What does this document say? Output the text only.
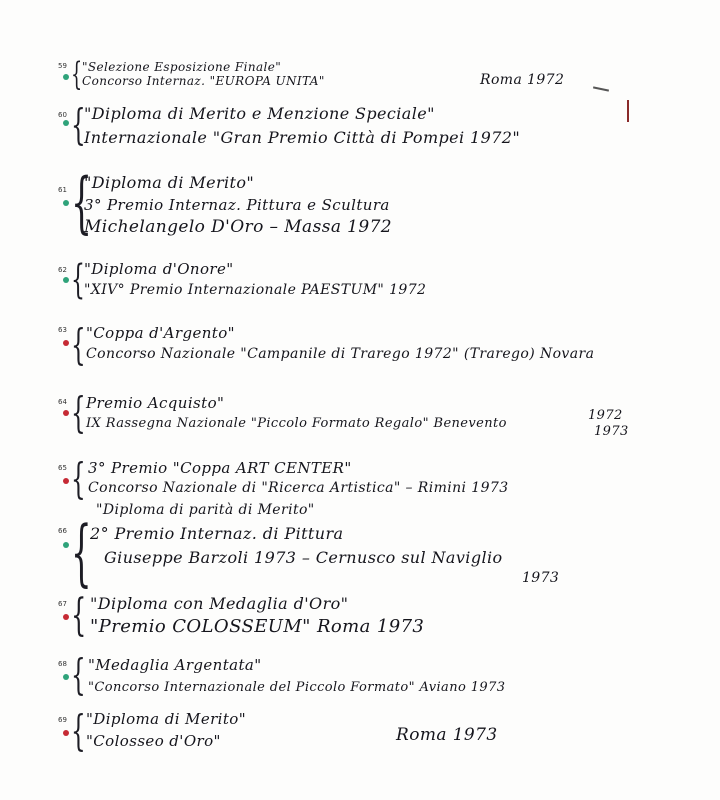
59 { "Selezione Esposizione Finale"
Concorso Internaz. "EUROPA UNITA"	Roma 1972
60 {
"Diploma di Merito e Menzione Speciale"
Internazionale "Gran Premio Città di Pompei 1972"
61 {
"Diploma di Merito"
3° Premio Internaz. Pittura e Scultura
Michelangelo D'Oro – Massa 1972
62 { "Diploma d'Onore"
"XIV° Premio Internazionale PAESTUM" 1972
63 { "Coppa d'Argento"
Concorso Nazionale "Campanile di Trarego 1972" (Trarego) Novara
64 { Premio Acquisto"
IX Rassegna Nazionale "Piccolo Formato Regalo" Benevento
1972
1973
65 { 3° Premio "Coppa ART CENTER"
Concorso Nazionale di "Ricerca Artistica" – Rimini 1973
66 { "Diploma di parità di Merito"
2° Premio Internaz. di Pittura
Giuseppe Barzoli 1973 – Cernusco sul Naviglio
1973
67 { "Diploma con Medaglia d'Oro"
"Premio COLOSSEUM" Roma 1973
68 { "Medaglia Argentata"
"Concorso Internazionale del Piccolo Formato" Aviano 1973
69 { "Diploma di Merito"
"Colosseo d'Oro"	Roma 1973
